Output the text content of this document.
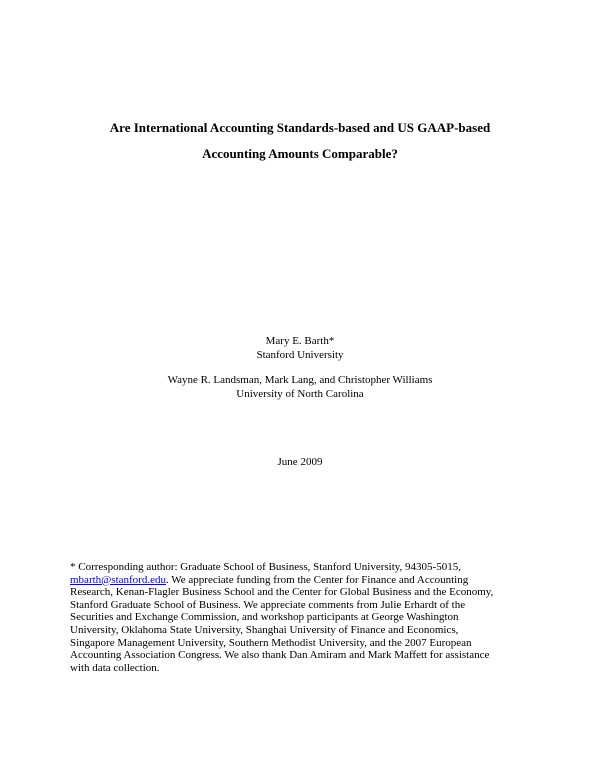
Are International Accounting Standards-based and US GAAP-based
Accounting Amounts Comparable?
Mary E. Barth*
Stanford University
Wayne R. Landsman, Mark Lang, and Christopher Williams
University of North Carolina
June 2009
* Corresponding author: Graduate School of Business, Stanford University, 94305-5015,
mbarth@stanford.edu. We appreciate funding from the Center for Finance and Accounting
Research, Kenan-Flagler Business School and the Center for Global Business and the Economy,
Stanford Graduate School of Business. We appreciate comments from Julie Erhardt of the
Securities and Exchange Commission, and workshop participants at George Washington
University, Oklahoma State University, Shanghai University of Finance and Economics,
Singapore Management University, Southern Methodist University, and the 2007 European
Accounting Association Congress. We also thank Dan Amiram and Mark Maffett for assistance
with data collection.
